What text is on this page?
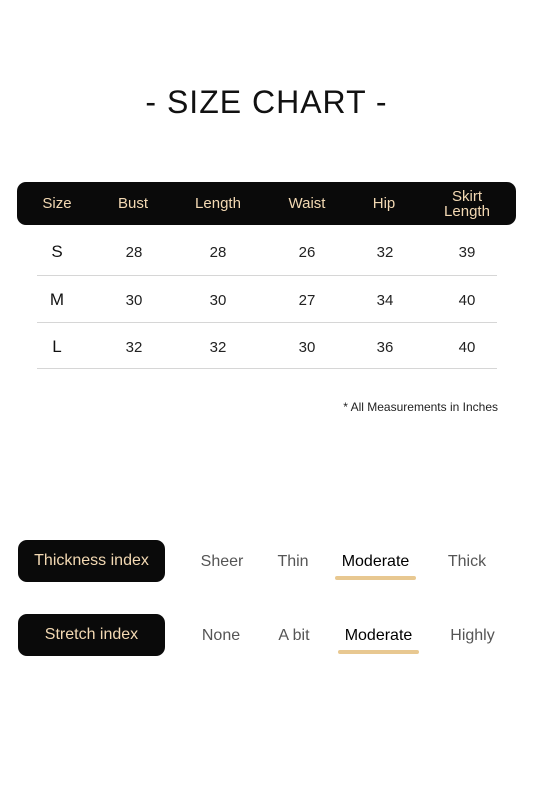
- SIZE CHART -
Size	Bust	Length	Waist	Hip	Skirt
Length
S	28	28	26	32	39
M	30	30	27	34	40
L	32	32	30	36	40
* All Measurements in Inches
Thickness index	Sheer Thin Moderate Thick
Stretch index	None A bit Moderate Highly
